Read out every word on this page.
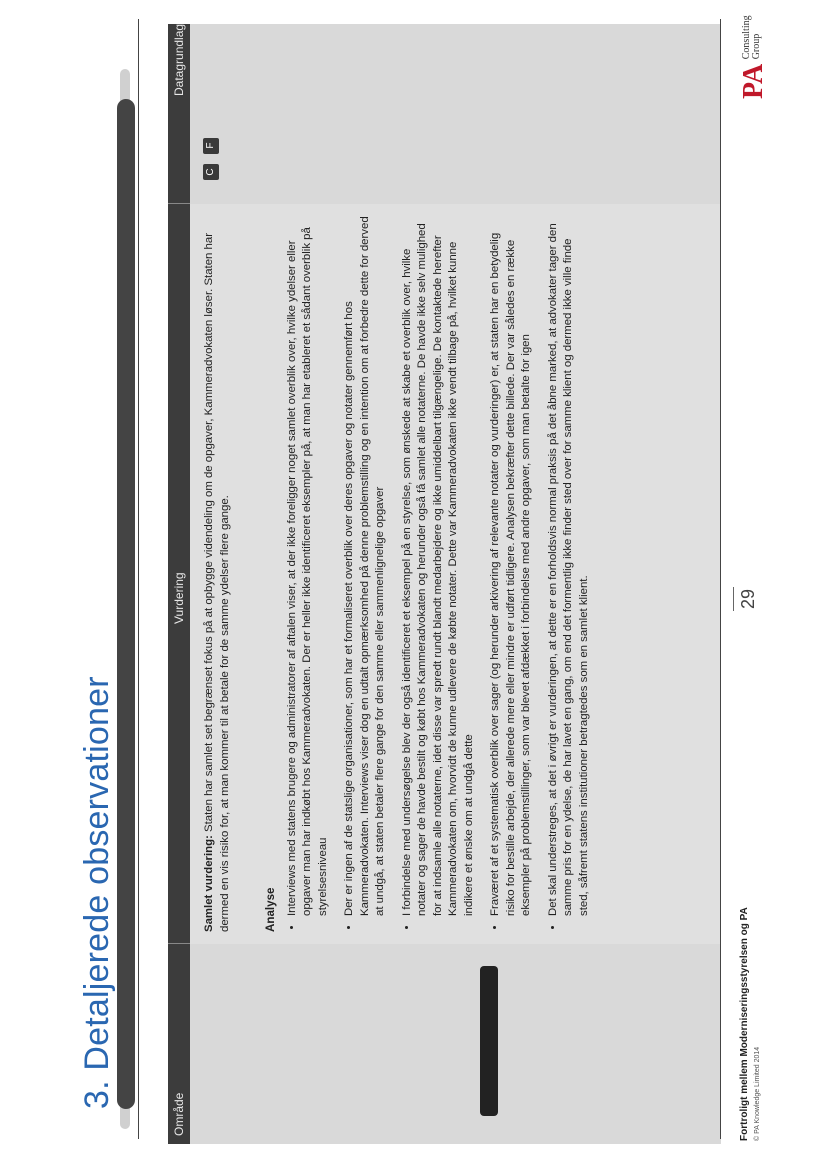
3. Detaljerede observationer
Område
Vurdering
Datagrundlag

Samlet vurdering: Staten har samlet set begrænset fokus på at opbygge videndeling om de opgaver, Kammeradvokaten løser. Staten har dermed en vis risiko for, at man kommer til at betale for de samme ydelser flere gange.	Analyse • Interviews med statens brugere og administratorer af aftalen viser, at der ikke foreligger noget samlet overblik over, hvilke ydelser eller opgaver man har indkøbt hos Kammeradvokaten. Der er heller ikke identificeret eksempler på, at man har etableret et sådant overblik på styrelsesniveau • Der er ingen af de statslige organisationer, som har et formaliseret overblik over deres opgaver og notater gennemført hos Kammeradvokaten. Interviews viser dog en udtalt opmærksomhed på denne problemstilling og en intention om at forbedre dette for derved at undgå, at staten betaler flere gange for den samme eller sammenlignelige opgaver • I forbindelse med undersøgelse blev der også identificeret et eksempel på en styrelse, som ønskede at skabe et overblik over, hvilke notater og sager de havde bestilt og købt hos Kammeradvokaten og herunder også få samlet alle notaterne. De havde ikke selv mulighed for at indsamle alle notaterne, idet disse var spredt rundt blandt medarbejdere og ikke umiddelbart tilgængelige. De kontaktede herefter Kammeradvokaten om, hvorvidt de kunne udlevere de købte notater. Dette var Kammeradvokaten ikke vendt tilbage på, hvilket kunne indikere et ønske om at undgå dette • Fraværet af et systematisk overblik over sager (og herunder arkivering af relevante notater og vurderinger) er, at staten har en betydelig risiko for bestille arbejde, der allerede mere eller mindre er udført tidligere. Analysen bekræfter dette billede. Der var således en række eksempler på problemstillinger, som var blevet afdækket i forbindelse med andre opgaver, som man betalte for igen • Det skal understreges, at det i øvrigt er vurderingen, at dette er en forholdsvis normal praksis på det åbne marked, at advokater tager den samme pris for en ydelse, de har lavet en gang, om end det formentlig ikke finder sted over for samme klient og dermed ikke ville finde sted, såfremt statens institutioner betragtedes som en samlet klient.
C F
Fortroligt mellem Moderniseringsstyrelsen og PA © PA Knowledge Limited 2014
29
PA Consulting
Group
